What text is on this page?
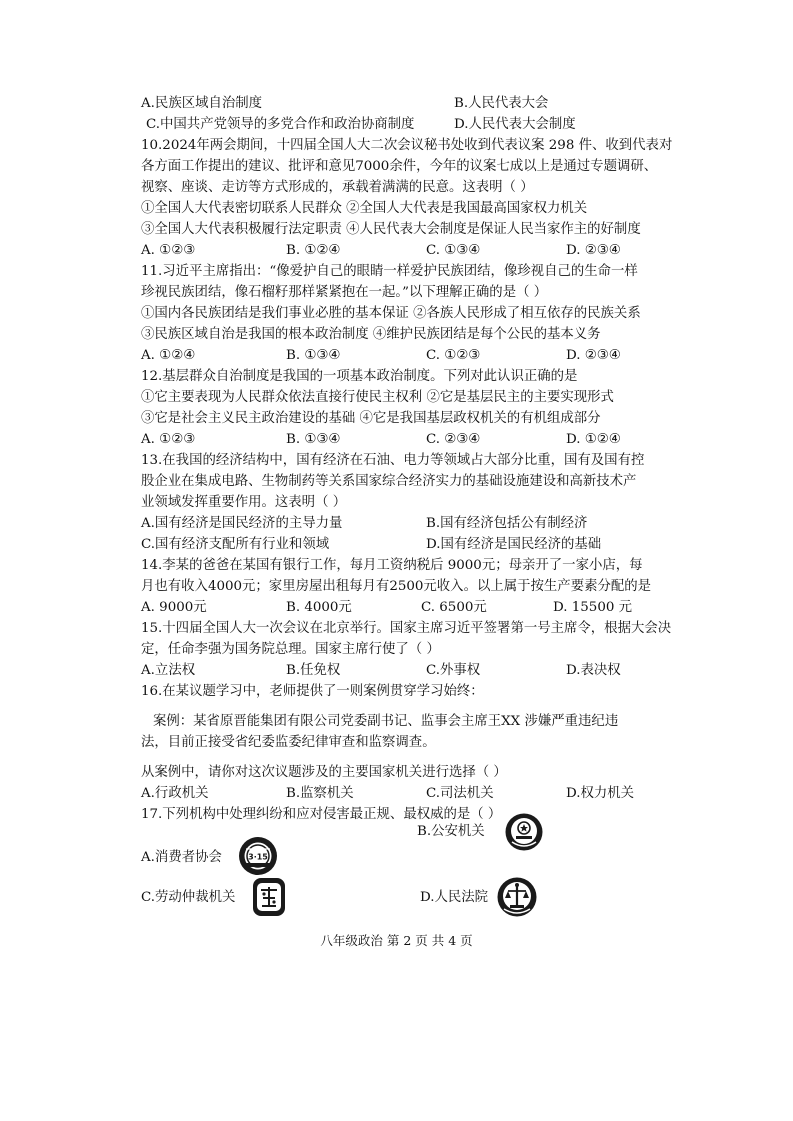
A.民族区域自治制度	B.人民代表大会
C.中国共产党领导的多党合作和政治协商制度	D.人民代表大会制度
10.2024年两会期间，十四届全国人大二次会议秘书处收到代表议案 298 件、收到代表对
各方面工作提出的建议、批评和意见7000余件，今年的议案七成以上是通过专题调研、
视察、座谈、走访等方式形成的，承载着满满的民意。这表明（ ）
①全国人大代表密切联系人民群众 ②全国人大代表是我国最高国家权力机关
③全国人大代表积极履行法定职责 ④人民代表大会制度是保证人民当家作主的好制度
A. ①②③	B. ①②④	C. ①③④	D. ②③④
11.习近平主席指出：“像爱护自己的眼睛一样爱护民族团结，像珍视自己的生命一样
珍视民族团结，像石榴籽那样紧紧抱在一起。”以下理解正确的是（ ）
①国内各民族团结是我们事业必胜的基本保证 ②各族人民形成了相互依存的民族关系
③民族区域自治是我国的根本政治制度 ④维护民族团结是每个公民的基本义务
A. ①②④	B. ①③④	C. ①②③	D. ②③④
12.基层群众自治制度是我国的一项基本政治制度。下列对此认识正确的是
①它主要表现为人民群众依法直接行使民主权利 ②它是基层民主的主要实现形式
③它是社会主义民主政治建设的基础 ④它是我国基层政权机关的有机组成部分
A. ①②③	B. ①③④	C. ②③④	D. ①②④
13.在我国的经济结构中，国有经济在石油、电力等领域占大部分比重，国有及国有控
股企业在集成电路、生物制药等关系国家综合经济实力的基础设施建设和高新技术产
业领域发挥重要作用。这表明（ ）
A.国有经济是国民经济的主导力量	B.国有经济包括公有制经济
C.国有经济支配所有行业和领域	D.国有经济是国民经济的基础
14.李某的爸爸在某国有银行工作，每月工资纳税后 9000元；母亲开了一家小店，每
月也有收入4000元；家里房屋出租每月有2500元收入。以上属于按生产要素分配的是
A. 9000元	B. 4000元	C. 6500元	D. 15500 元
15.十四届全国人大一次会议在北京举行。国家主席习近平签署第一号主席令，根据大会决
定，任命李强为国务院总理。国家主席行使了（ ）
A.立法权	B.任免权	C.外事权	D.表决权
16.在某议题学习中，老师提供了一则案例贯穿学习始终：
案例：某省原晋能集团有限公司党委副书记、监事会主席王XX 涉嫌严重违纪违
法，目前正接受省纪委监委纪律审查和监察调查。
从案例中，请你对这次议题涉及的主要国家机关进行选择（ ）
A.行政机关	B.监察机关	C.司法机关	D.权力机关
17.下列机构中处理纠纷和应对侵害最正规、最权威的是（ ）
A.消费者协会	3·15
B.公安机关
C.劳动仲裁机关	D.人民法院
八年级政治 第 2 页 共 4 页
